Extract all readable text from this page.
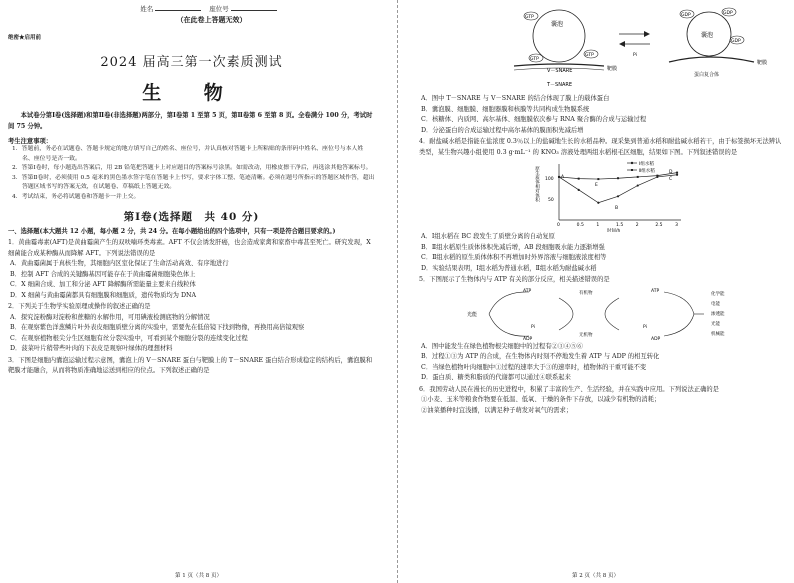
姓名	座位号
（在此卷上答题无效）
绝密★启用前
2024 届高三第一次素质测试
生 物
本试卷分第Ⅰ卷(选择题)和第Ⅱ卷(非选择题)两部分，第Ⅰ卷第 1 至第 5 页，第Ⅱ卷第 6 至第 8 页。全卷满分 100 分，考试时间 75 分钟。
考生注意事项：
1．答题前，务必在试题卷、答题卡规定的地方填写自己的姓名、座位号，并认真核对答题卡上所粘贴的条形码中姓名、座位号与本人姓名、座位号是否一致。
2．答第Ⅰ卷时，每小题选出答案后，用 2B 铅笔把答题卡上对应题目的答案标号涂黑。如需改动，用橡皮擦干净后，再选涂其他答案标号。
3．答第Ⅱ卷时，必须使用 0.5 毫米的黑色墨水签字笔在答题卡上书写，要求字体工整、笔迹清晰。必须在题号所指示的答题区域作答，超出答题区域书写的答案无效，在试题卷、草稿纸上答题无效。
4．考试结束，务必将试题卷和答题卡一并上交。
第Ⅰ卷(选择题　共 40 分)
一、选择题(本大题共 12 小题，每小题 2 分，共 24 分。在每小题给出的四个选项中，只有一项是符合题目要求的。)
1．黄曲霉毒素(AFT)是黄曲霉菌产生的双呋喃环类毒素。AFT 不仅会诱发肝癌，也会造成家禽和家畜中毒甚至死亡。研究发现，X 细菌能合成某种酶从而降解 AFT。下列说法错误的是
A．黄曲霉菌属于真核生物，其细胞内区室化保证了生命活动高效、有序地进行
B．控制 AFT 合成的关键酶基因可能存在于黄曲霉菌细胞染色体上
C．X 细菌合成、加工和分泌 AFT 降解酶所需能量主要来自线粒体
D．X 细菌与黄曲霉菌都具有细胞膜和细胞质，遗传物质均为 DNA
2．下列关于生物学实验原理或操作的叙述正确的是
A．探究淀粉酶对淀粉和蔗糖的水解作用，可用碘液检测底物的分解情况
B．在观察紫色洋葱鳞片叶外表皮细胞质壁分离的实验中，需要先在低倍镜下找到物像，再换用高倍镜观察
C．在观察植物根尖分生区细胞有丝分裂实验中，可看到某个细胞分裂的连续变化过程
D．菠菜叶片稍带些叶肉的下表皮是观察叶绿体的理想材料
3．下图是细胞内囊泡运输过程示意图，囊泡上的 V－SNARE 蛋白与靶膜上的 T－SNARE 蛋白结合形成稳定的结构后，囊泡膜和靶膜才能融合，从而将物质准确地运送到相应的位点。下列叙述正确的是
第 1 页（共 8 页）
囊泡
GTP
GTP
GTP
V－SNARE	靶膜
T－SNARE
Pi
囊泡
GDP	GDP
GDP
靶膜
蛋白复合体
A．图中 T－SNARE 与 V－SNARE 的结合体现了膜上的载体蛋白
B．囊泡膜、细胞膜、细胞器膜和核膜等共同构成生物膜系统
C．核糖体、内质网、高尔基体、细胞膜依次参与 RNA 聚合酶的合成与运输过程
D．分泌蛋白的合成运输过程中高尔基体的膜面积先减后增
4．耐盐碱水稻是指能在盐浓度 0.3％以上的盐碱地生长的水稻品种。现采集到普通水稻和耐盐碱水稻若干，由于标签损坏无法辨认类型，某生物兴趣小组使用 0.3 g·mL⁻¹ 的 KNO₃ 溶液处理两组水稻根毛区细胞，结果如下图。下列叙述错误的是
原生质体相对体积 100
50
0	0.5	1	1.5	2	2.5	3
时间/h
Ⅰ组水稻
Ⅱ组水稻
A
B
C
D
E
A．Ⅰ组水稻在 BC 段发生了质壁分离的自动复原
B．Ⅱ组水稻原生质体体积先减后增，AB 段细胞吸水能力逐渐增强
C．Ⅱ组水稻的原生质体体积不再增加时外界溶液与细胞液浓度相等
D．实验结果表明，Ⅰ组水稻为普通水稻，Ⅱ组水稻为耐盐碱水稻
5．下图展示了生物体内与 ATP 有关的部分反应，相关描述错误的是
光能
ATP
ADP
Pi
有机物
无机物
ATP
ADP
Pi
化学能
电能
渗透能
光能
机械能
A．图中能发生在绿色植物根尖细胞中的过程有②③④⑤⑥
B．过程①③为 ATP 的合成，在生物体内时刻不停地发生着 ATP 与 ADP 的相互转化
C．当绿色植物叶肉细胞中①过程的速率大于③的速率时，植物体的干重可能不变
D．蛋白质、糖类和脂质的代谢都可以通过④联系起来
6．我国劳动人民在漫长的历史进程中，积累了丰富的生产、生活经验，并在实践中应用。下列说法正确的是
①小麦、玉米等粮食作物要在低温、低氧、干燥的条件下存放，以减少有机物的消耗；
②油菜播种时宜浅播，以满足种子萌发对氧气的需求；
第 2 页（共 8 页）
